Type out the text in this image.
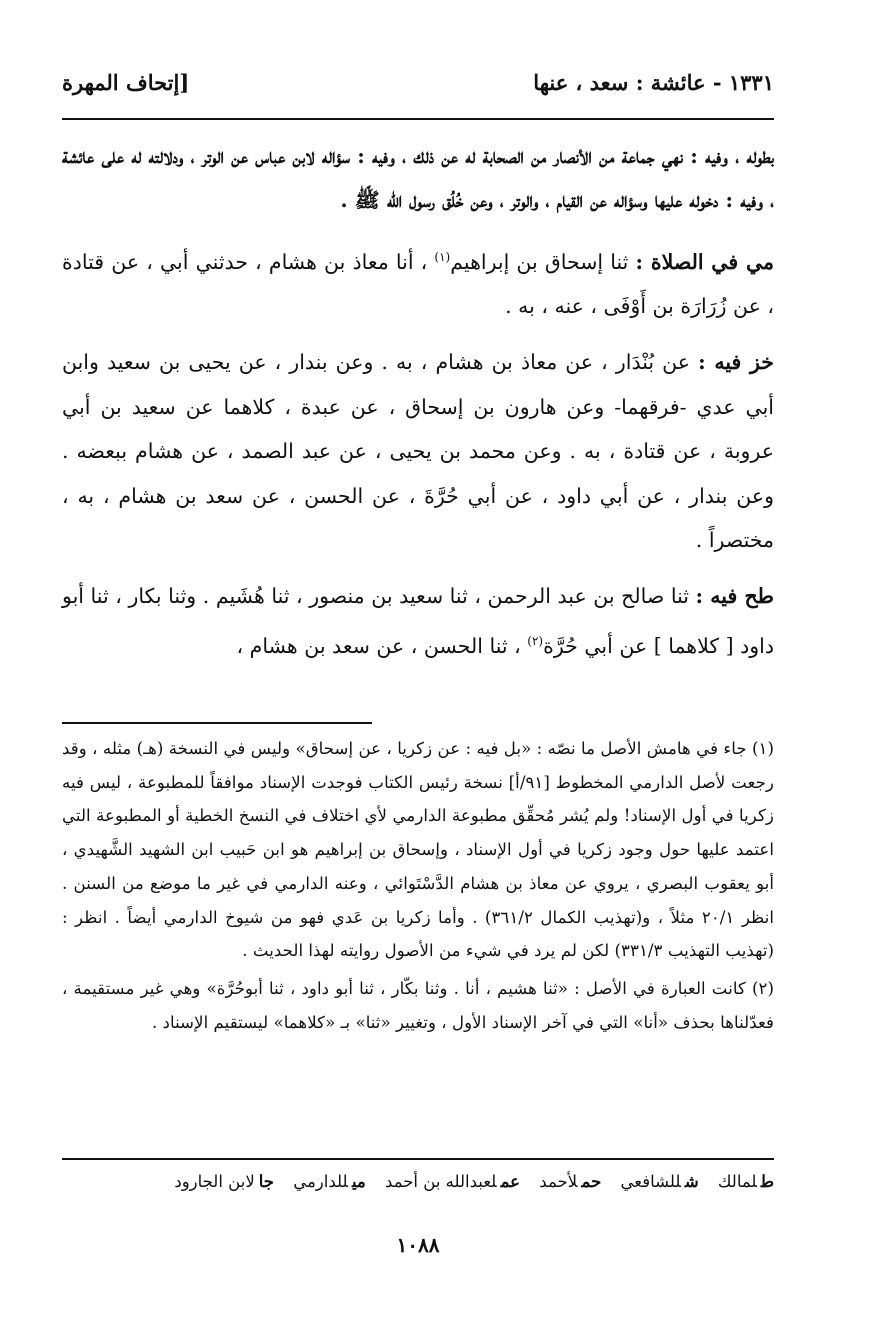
١٣٣١ - عائشة : سعد ، عنها
[إتحاف المهرة

بطوله ، وفيه : نهي جماعة من الأنصار من الصحابة له عن ذلك ، وفيه : سؤاله لابن عباس عن الوتر ، ودلالته له على عائشة ، وفيه : دخوله عليها وسؤاله عن القيام ، والوتر ، وعن خُلُق رسول الله ﷺ .

مي في الصلاة : ثنا إسحاق بن إبراهيم$^{(١)}$ ، أنا معاذ بن هشام ، حدثني أبي ، عن قتادة ، عن زُرَارَة بن أَوْفَى ، عنه ، به .

خز فيه : عن بُنْدَار ، عن معاذ بن هشام ، به . وعن بندار ، عن يحيى بن سعيد وابن أبي عدي -فرقهما- وعن هارون بن إسحاق ، عن عبدة ، كلاهما عن سعيد بن أبي عروبة ، عن قتادة ، به . وعن محمد بن يحيى ، عن عبد الصمد ، عن هشام ببعضه . وعن بندار ، عن أبي داود ، عن أبي حُرَّةَ ، عن الحسن ، عن سعد بن هشام ، به ، مختصراً .

طح فيه : ثنا صالح بن عبد الرحمن ، ثنا سعيد بن منصور ، ثنا هُشَيم . وثنا بكار ، ثنا أبو داود [ كلاهما ] عن أبي حُرَّة$^{(٢)}$ ، ثنا الحسن ، عن سعد بن هشام ،

(١) جاء في هامش الأصل ما نصّه : «بل فيه : عن زكريا ، عن إسحاق» وليس في النسخة (هـ) مثله ، وقد رجعت لأصل الدارمي المخطوط [٩١/أ] نسخة رئيس الكتاب فوجدت الإسناد موافقاً للمطبوعة ، ليس فيه زكريا في أول الإسناد! ولم يُشر مُحقِّق مطبوعة الدارمي لأي اختلاف في النسخ الخطية أو المطبوعة التي اعتمد عليها حول وجود زكريا في أول الإسناد ، وإسحاق بن إبراهيم هو ابن حَبيب ابن الشهيد الشَّهيدي ، أبو يعقوب البصري ، يروي عن معاذ بن هشام الدَّسْتَوائي ، وعنه الدارمي في غير ما موضع من السنن . انظر ٢٠/١ مثلاً ، و(تهذيب الكمال ٣٦١/٢) . وأما زكريا بن عَدي فهو من شيوخ الدارمي أيضاً . انظر : (تهذيب التهذيب ٣٣١/٣) لكن لم يرد في شيء من الأصول روايته لهذا الحديث .

(٢) كانت العبارة في الأصل : «ثنا هشيم ، أنا . وثنا بكّار ، ثنا أبو داود ، ثنا أبوحُرَّة» وهي غير مستقيمة ، فعدّلناها بحذف «أنا» التي في آخر الإسناد الأول ، وتغيير «ثنا» بـ «كلاهما» ليستقيم الإسناد .

طلمالك شللشافعي حملأحمد عملعبدالله بن أحمد ميللدارمي جالابن الجارود
١٠٨٨
